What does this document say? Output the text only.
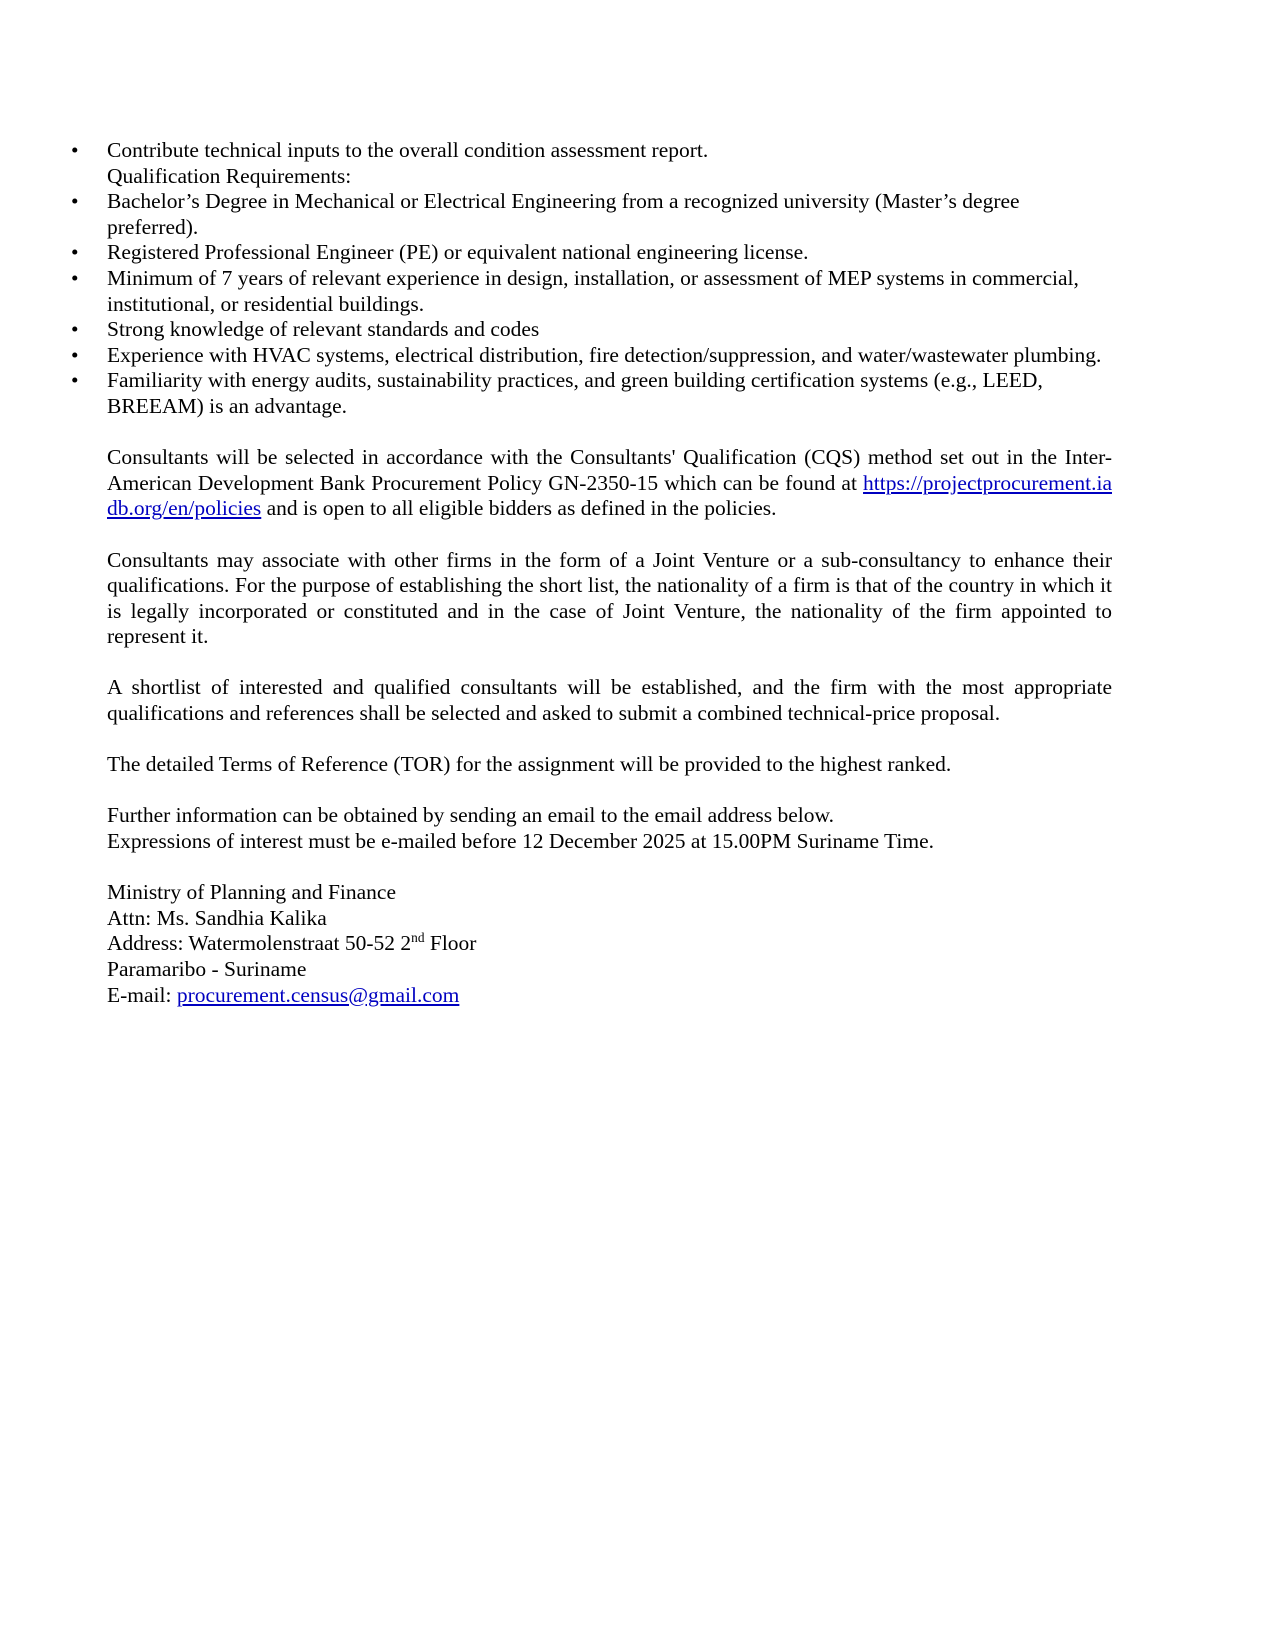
• Contribute technical inputs to the overall condition assessment report.
Qualification Requirements:
• Bachelor’s Degree in Mechanical or Electrical Engineering from a recognized university (Master’s degree preferred).
• Registered Professional Engineer (PE) or equivalent national engineering license.
• Minimum of 7 years of relevant experience in design, installation, or assessment of MEP systems in commercial, institutional, or residential buildings.
• Strong knowledge of relevant standards and codes
• Experience with HVAC systems, electrical distribution, fire detection/suppression, and water/wastewater plumbing.
• Familiarity with energy audits, sustainability practices, and green building certification systems (e.g., LEED, BREEAM) is an advantage.

Consultants will be selected in accordance with the Consultants' Qualification (CQS) method set out in the Inter-American Development Bank Procurement Policy GN-2350-15 which can be found at https://projectprocurement.iadb.org/en/policies and is open to all eligible bidders as defined in the policies.

Consultants may associate with other firms in the form of a Joint Venture or a sub-consultancy to enhance their qualifications. For the purpose of establishing the short list, the nationality of a firm is that of the country in which it is legally incorporated or constituted and in the case of Joint Venture, the nationality of the firm appointed to represent it.

A shortlist of interested and qualified consultants will be established, and the firm with the most appropriate qualifications and references shall be selected and asked to submit a combined technical-price proposal.

The detailed Terms of Reference (TOR) for the assignment will be provided to the highest ranked.

Further information can be obtained by sending an email to the email address below.

Expressions of interest must be e-mailed before 12 December 2025 at 15.00PM Suriname Time.

Ministry of Planning and Finance

Attn: Ms. Sandhia Kalika

Address: Watermolenstraat 50-52 2nd Floor

Paramaribo - Suriname

E-mail: procurement.census@gmail.com
